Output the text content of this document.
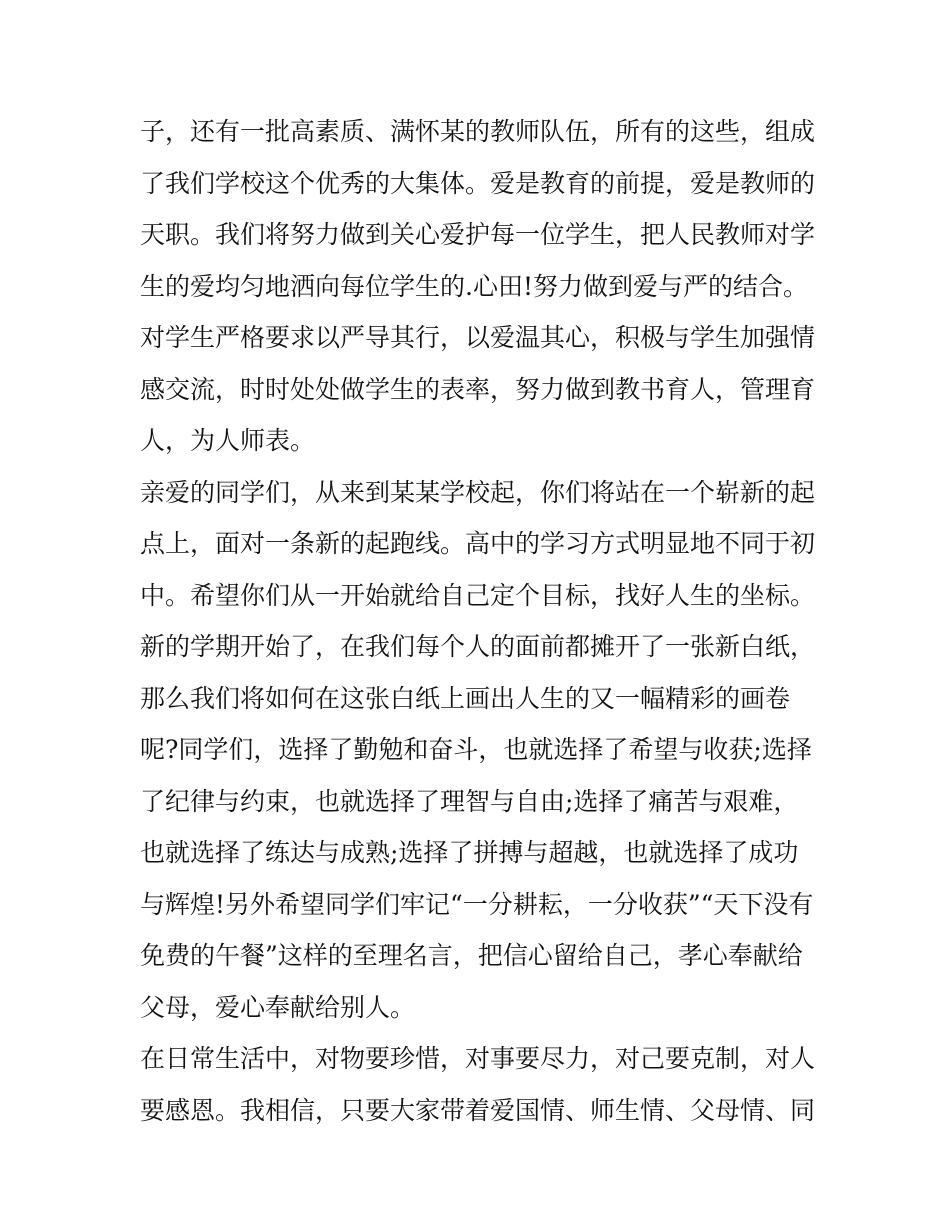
子，还有一批高素质、满怀某的教师队伍，所有的这些，组成
了我们学校这个优秀的大集体。爱是教育的前提，爱是教师的
天职。我们将努力做到关心爱护每一位学生，把人民教师对学
生的爱均匀地洒向每位学生的.心田!努力做到爱与严的结合。
对学生严格要求以严导其行，以爱温其心，积极与学生加强情
感交流，时时处处做学生的表率，努力做到教书育人，管理育
人，为人师表。
亲爱的同学们，从来到某某学校起，你们将站在一个崭新的起
点上，面对一条新的起跑线。高中的学习方式明显地不同于初
中。希望你们从一开始就给自己定个目标，找好人生的坐标。
新的学期开始了，在我们每个人的面前都摊开了一张新白纸，
那么我们将如何在这张白纸上画出人生的又一幅精彩的画卷
呢?同学们，选择了勤勉和奋斗，也就选择了希望与收获;选择
了纪律与约束，也就选择了理智与自由;选择了痛苦与艰难，
也就选择了练达与成熟;选择了拼搏与超越，也就选择了成功
与辉煌!另外希望同学们牢记“一分耕耘，一分收获”“天下没有
免费的午餐”这样的至理名言，把信心留给自己，孝心奉献给
父母，爱心奉献给别人。
在日常生活中，对物要珍惜，对事要尽力，对己要克制，对人
要感恩。我相信，只要大家带着爱国情、师生情、父母情、同
